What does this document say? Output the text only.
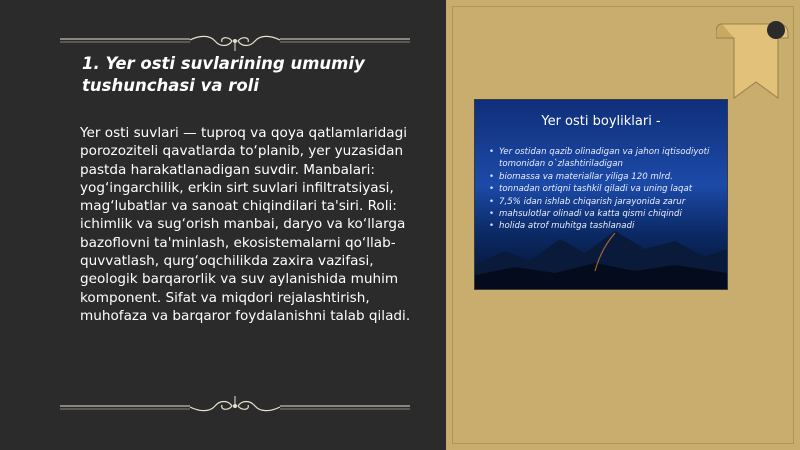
1. Yer osti suvlarining umumiy tushunchasi va roli

Yer osti suvlari — tuproq va qoya qatlamlaridagi porozoziteli qavatlarda to‘planib, yer yuzasidan pastda harakatlanadigan suvdir. Manbalari: yog‘ingarchilik, erkin sirt suvlari infiltratsiyasi, mag‘lubatlar va sanoat chiqindilari ta'siri. Roli: ichimlik va sug‘orish manbai, daryo va ko‘llarga bazoflovni ta'minlash, ekosistemalarni qo‘llab-quvvatlash, qurg‘oqchilikda zaxira vazifasi, geologik barqarorlik va suv aylanishida muhim komponent. Sifat va miqdori rejalashtirish, muhofaza va barqaror foydalanishni talab qiladi.

Yer osti boyliklari -
• Yer ostidan qazib olinadigan va jahon iqtisodiyoti tomonidan o`zlashtiriladigan
• biomassa va materiallar yiliga 120 mlrd.
• tonnadan ortiqni tashkil qiladi va uning laqat
• 7,5% idan ishlab chiqarish jarayonida zarur
• mahsulotlar olinadi va katta qismi chiqindi
• holida atrof muhitga tashlanadi
